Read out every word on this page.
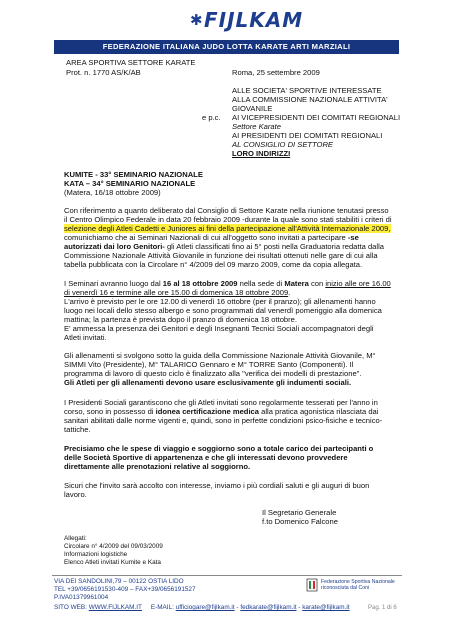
✱ FIJLKAM
FEDERAZIONE ITALIANA JUDO LOTTA KARATE ARTI MARZIALI
AREA SPORTIVA SETTORE KARATE
Prot. n. 1770 AS/K/AB	Roma, 25 settembre 2009
ALLE SOCIETA' SPORTIVE INTERESSATE
ALLA COMMISSIONE NAZIONALE ATTIVITA'
GIOVANILE
e p.c. AI VICEPRESIDENTI DEI COMITATI REGIONALI
Settore Karate
AI PRESIDENTI DEI COMITATI REGIONALI
AL CONSIGLIO DI SETTORE
LORO INDIRIZZI
KUMITE - 33° SEMINARIO NAZIONALE
KATA – 34° SEMINARIO NAZIONALE
(Matera, 16/18 ottobre 2009)
Con riferimento a quanto deliberato dal Consiglio di Settore Karate nella riunione tenutasi presso
il Centro Olimpico Federale in data 20 febbraio 2009 -durante la quale sono stati stabiliti i criteri di
selezione degli Atleti Cadetti e Juniores ai fini della partecipazione all'Attività Internazionale 2009,
comunichiamo che ai Seminari Nazionali di cui all'oggetto sono invitati a partecipare -se
autorizzati dai loro Genitori- gli Atleti classificati fino ai 5° posti nella Graduatoria redatta dalla
Commissione Nazionale Attività Giovanile in funzione dei risultati ottenuti nelle gare di cui alla
tabella pubblicata con la Circolare n° 4/2009 del 09 marzo 2009, come da copia allegata.
I Seminari avranno luogo dal 16 al 18 ottobre 2009 nella sede di Matera con inizio alle ore 16.00
di venerdì 16 e termine alle ore 15.00 di domenica 18 ottobre 2009.
L'arrivo è previsto per le ore 12.00 di venerdì 16 ottobre (per il pranzo); gli allenamenti hanno
luogo nei locali dello stesso albergo e sono programmati dal venerdì pomeriggio alla domenica
mattina; la partenza è prevista dopo il pranzo di domenica 18 ottobre.
E' ammessa la presenza dei Genitori e degli Insegnanti Tecnici Sociali accompagnatori degli
Atleti invitati.
Gli allenamenti si svolgono sotto la guida della Commissione Nazionale Attività Giovanile, M°
SIMMI Vito (Presidente), M° TALARICO Gennaro e M° TORRE Santo (Componenti). Il
programma di lavoro di questo ciclo è finalizzato alla "verifica dei modelli di prestazione".
Gli Atleti per gli allenamenti devono usare esclusivamente gli indumenti sociali.
I Presidenti Sociali garantiscono che gli Atleti invitati sono regolarmente tesserati per l'anno in
corso, sono in possesso di idonea certificazione medica alla pratica agonistica rilasciata dai
sanitari abilitati dalle norme vigenti e, quindi, sono in perfette condizioni psico-fisiche e tecnico-
tattiche.
Precisiamo che le spese di viaggio e soggiorno sono a totale carico dei partecipanti o
delle Società Sportive di appartenenza e che gli interessati devono provvedere
direttamente alle prenotazioni relative al soggiorno.
Sicuri che l'invito sarà accolto con interesse, inviamo i più cordiali saluti e gli auguri di buon
lavoro.
Il Segretario Generale
f.to Domenico Falcone
Allegati:
Circolare n° 4/2009 del 09/03/2009
Informazioni logistiche
Elenco Atleti invitati Kumite e Kata
VIA DEI SANDOLINI,79 – 00122 OSTIA LIDO
TEL +39/0656191530-409 – FAX+39/0656191527
P.IVA01379961004
Federazione Sportiva Nazionale
riconosciuta dal Coni
SITO WEB: WWW.FIJLKAM.IT E-MAIL: ufficiogare@fijlkam.it - fedkarate@fijlkam.it - karate@fijlkam.it	Pag. 1 di 6
